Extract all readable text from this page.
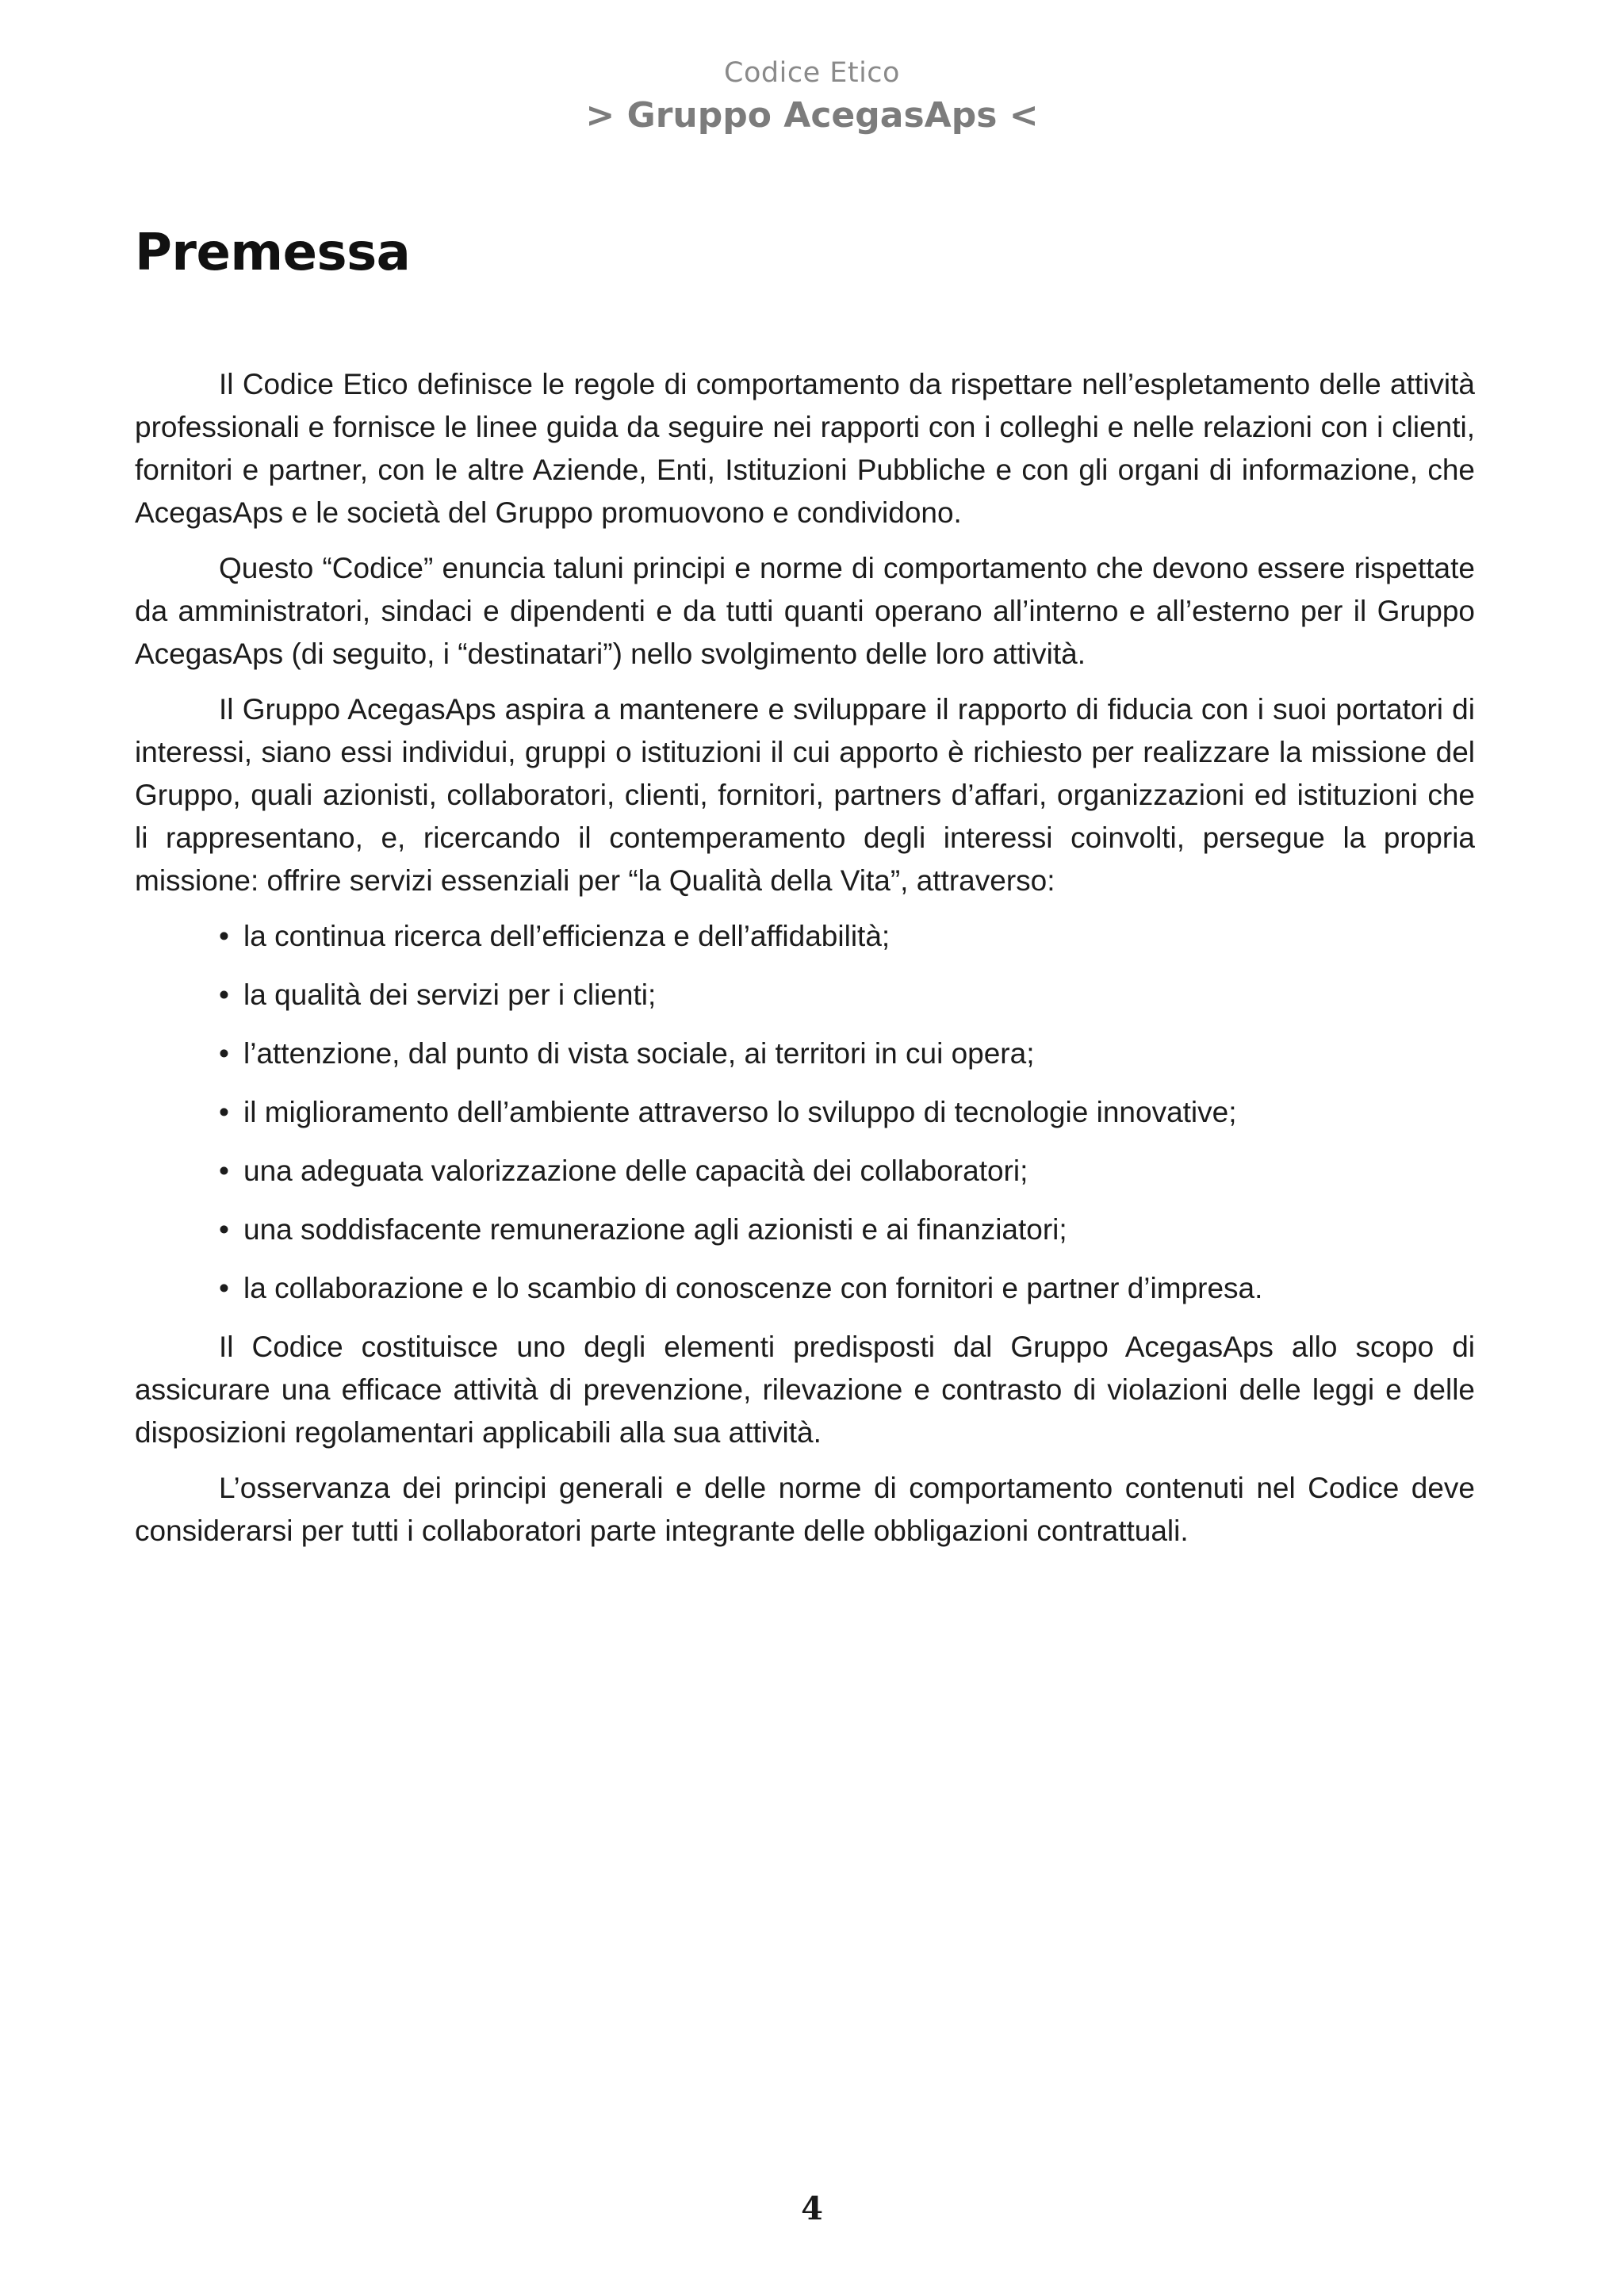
Codice Etico
> Gruppo AcegasAps <
Premessa

Il Codice Etico definisce le regole di comportamento da rispettare nell’espletamento delle attività professionali e fornisce le linee guida da seguire nei rapporti con i colleghi e nelle relazioni con i clienti, fornitori e partner, con le altre Aziende, Enti, Istituzioni Pubbliche e con gli organi di informazione, che AcegasAps e le società del Gruppo promuovono e condividono.

Questo “Codice” enuncia taluni principi e norme di comportamento che devono essere rispettate da amministratori, sindaci e dipendenti e da tutti quanti operano all’interno e all’esterno per il Gruppo AcegasAps (di seguito, i “destinatari”) nello svolgimento delle loro attività.

Il Gruppo AcegasAps aspira a mantenere e sviluppare il rapporto di fiducia con i suoi portatori di interessi, siano essi individui, gruppi o istituzioni il cui apporto è richiesto per realizzare la missione del Gruppo, quali azionisti, collaboratori, clienti, fornitori, partners d’affari, organizzazioni ed istituzioni che li rappresentano, e, ricercando il contemperamento degli interessi coinvolti, persegue la propria missione: offrire servizi essenziali per “la Qualità della Vita”, attraverso:

• la continua ricerca dell’efficienza e dell’affidabilità;
• la qualità dei servizi per i clienti;
• l’attenzione, dal punto di vista sociale, ai territori in cui opera;
• il miglioramento dell’ambiente attraverso lo sviluppo di tecnologie innovative;
• una adeguata valorizzazione delle capacità dei collaboratori;
• una soddisfacente remunerazione agli azionisti e ai finanziatori;
• la collaborazione e lo scambio di conoscenze con fornitori e partner d’impresa.

Il Codice costituisce uno degli elementi predisposti dal Gruppo AcegasAps allo scopo di assicurare una efficace attività di prevenzione, rilevazione e contrasto di violazioni delle leggi e delle disposizioni regolamentari applicabili alla sua attività.

L’osservanza dei principi generali e delle norme di comportamento contenuti nel Codice deve considerarsi per tutti i collaboratori parte integrante delle obbligazioni contrattuali.

4
